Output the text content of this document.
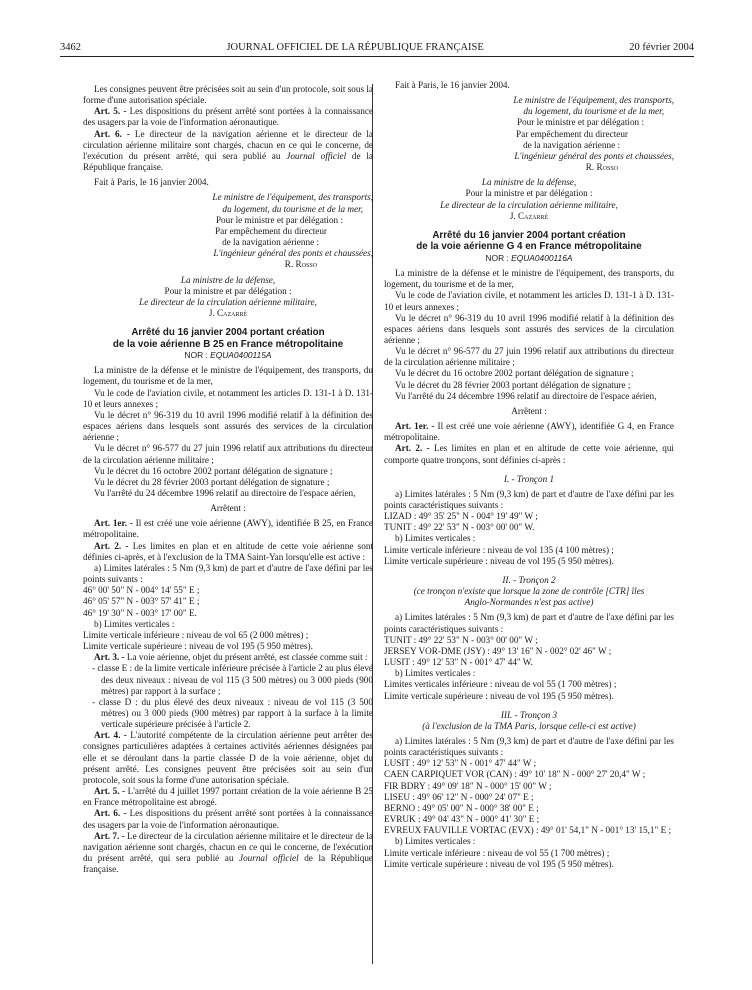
3462	JOURNAL OFFICIEL DE LA RÉPUBLIQUE FRANÇAISE	20 février 2004

Les consignes peuvent être précisées soit au sein d'un protocole, soit sous la forme d'une autorisation spéciale.

Art. 5. - Les dispositions du présent arrêté sont portées à la connaissance des usagers par la voie de l'information aéronautique.

Art. 6. - Le directeur de la navigation aérienne et le directeur de la circulation aérienne militaire sont chargés, chacun en ce qui le concerne, de l'exécution du présent arrêté, qui sera publié au Journal officiel de la République française.

Fait à Paris, le 16 janvier 2004.

Le ministre de l'équipement, des transports,

du logement, du tourisme et de la mer,

Pour le ministre et par délégation :

Par empêchement du directeur

de la navigation aérienne :

L'ingénieur général des ponts et chaussées,

R. Rosso

La ministre de la défense,

Pour la ministre et par délégation :

Le directeur de la circulation aérienne militaire,

J. Cazarré

Arrêté du 16 janvier 2004 portant création

de la voie aérienne B 25 en France métropolitaine

NOR : EQUA0400115A

La ministre de la défense et le ministre de l'équipement, des transports, du logement, du tourisme et de la mer,

Vu le code de l'aviation civile, et notamment les articles D. 131-1 à D. 131-10 et leurs annexes ;

Vu le décret n° 96-319 du 10 avril 1996 modifié relatif à la définition des espaces aériens dans lesquels sont assurés des services de la circulation aérienne ;

Vu le décret n° 96-577 du 27 juin 1996 relatif aux attributions du directeur de la circulation aérienne militaire ;

Vu le décret du 16 octobre 2002 portant délégation de signature ;

Vu le décret du 28 février 2003 portant délégation de signature ;

Vu l'arrêté du 24 décembre 1996 relatif au directoire de l'espace aérien,

Arrêtent :

Art. 1er. - Il est créé une voie aérienne (AWY), identifiée B 25, en France métropolitaine.

Art. 2. - Les limites en plan et en altitude de cette voie aérienne sont définies ci-après, et à l'exclusion de la TMA Saint-Yan lorsqu'elle est active :

a) Limites latérales : 5 Nm (9,3 km) de part et d'autre de l'axe défini par les points suivants :

46° 00' 50" N - 004° 14' 55" E ;

46° 05' 57" N - 003° 57' 41" E ;

46° 19' 30" N - 003° 17' 00" E.

b) Limites verticales :

Limite verticale inférieure : niveau de vol 65 (2 000 mètres) ;

Limite verticale supérieure : niveau de vol 195 (5 950 mètres).

Art. 3. - La voie aérienne, objet du présent arrêté, est classée comme suit :

- classe E : de la limite verticale inférieure précisée à l'article 2 au plus élevé des deux niveaux : niveau de vol 115 (3 500 mètres) ou 3 000 pieds (900 mètres) par rapport à la surface ;

- classe D : du plus élevé des deux niveaux : niveau de vol 115 (3 500 mètres) ou 3 000 pieds (900 mètres) par rapport à la surface à la limite verticale supérieure précisée à l'article 2.

Art. 4. - L'autorité compétente de la circulation aérienne peut arrêter des consignes particulières adaptées à certaines activités aériennes désignées par elle et se déroulant dans la partie classée D de la voie aérienne, objet du présent arrêté. Les consignes peuvent être précisées soit au sein d'un protocole, soit sous la forme d'une autorisation spéciale.

Art. 5. - L'arrêté du 4 juillet 1997 portant création de la voie aérienne B 25 en France métropolitaine est abrogé.

Art. 6. - Les dispositions du présent arrêté sont portées à la connaissance des usagers par la voie de l'information aéronautique.

Art. 7. - Le directeur de la circulation aérienne militaire et le directeur de la navigation aérienne sont chargés, chacun en ce qui le concerne, de l'exécution du présent arrêté, qui sera publié au Journal officiel de la République française.

Fait à Paris, le 16 janvier 2004.

Le ministre de l'équipement, des transports,

du logement, du tourisme et de la mer,

Pour le ministre et par délégation :

Par empêchement du directeur

de la navigation aérienne :

L'ingénieur général des ponts et chaussées,

R. Rosso

La ministre de la défense,

Pour la ministre et par délégation :

Le directeur de la circulation aérienne militaire,

J. Cazarré

Arrêté du 16 janvier 2004 portant création

de la voie aérienne G 4 en France métropolitaine

NOR : EQUA0400116A

La ministre de la défense et le ministre de l'équipement, des transports, du logement, du tourisme et de la mer,

Vu le code de l'aviation civile, et notamment les articles D. 131-1 à D. 131-10 et leurs annexes ;

Vu le décret n° 96-319 du 10 avril 1996 modifié relatif à la définition des espaces aériens dans lesquels sont assurés des services de la circulation aérienne ;

Vu le décret n° 96-577 du 27 juin 1996 relatif aux attributions du directeur de la circulation aérienne militaire ;

Vu le décret du 16 octobre 2002 portant délégation de signature ;

Vu le décret du 28 février 2003 portant délégation de signature ;

Vu l'arrêté du 24 décembre 1996 relatif au directoire de l'espace aérien,

Arrêtent :

Art. 1er. - Il est créé une voie aérienne (AWY), identifiée G 4, en France métropolitaine.

Art. 2. - Les limites en plan et en altitude de cette voie aérienne, qui comporte quatre tronçons, sont définies ci-après :

I. - Tronçon 1

a) Limites latérales : 5 Nm (9,3 km) de part et d'autre de l'axe défini par les points caractéristiques suivants :

LIZAD : 49° 35' 25" N - 004° 19' 49" W ;

TUNIT : 49° 22' 53" N - 003° 00' 00" W.

b) Limites verticales :

Limite verticale inférieure : niveau de vol 135 (4 100 mètres) ;

Limite verticale supérieure : niveau de vol 195 (5 950 mètres).

II. - Tronçon 2

(ce tronçon n'existe que lorsque la zone de contrôle [CTR] îles Anglo-Normandes n'est pas active)

a) Limites latérales : 5 Nm (9,3 km) de part et d'autre de l'axe défini par les points caractéristiques suivants :

TUNIT : 49° 22' 53" N - 003° 00' 00" W ;

JERSEY VOR-DME (JSY) : 49° 13' 16" N - 002° 02' 46" W ;

LUSIT : 49° 12' 53" N - 001° 47' 44" W.

b) Limites verticales :

Limites verticales inférieure : niveau de vol 55 (1 700 mètres) ;

Limite verticale supérieure : niveau de vol 195 (5 950 mètres).

III. - Tronçon 3

(à l'exclusion de la TMA Paris, lorsque celle-ci est active)

a) Limites latérales : 5 Nm (9,3 km) de part et d'autre de l'axe défini par les points caractéristiques suivants :

LUSIT : 49° 12' 53" N - 001° 47' 44" W ;

CAEN CARPIQUET VOR (CAN) : 49° 10' 18" N - 000° 27' 20,4" W ;

FIR BDRY : 49° 09' 18" N - 000° 15' 00" W ;

LISEU : 49° 06' 12" N - 000° 24' 07" E ;

BERNO : 49° 05' 00" N - 000° 38' 00" E ;

EVRUK : 49° 04' 43" N - 000° 41' 30" E ;

EVREUX FAUVILLE VORTAC (EVX) : 49° 01' 54,1" N - 001° 13' 15,1" E ;

b) Limites verticales :

Limite verticale inférieure : niveau de vol 55 (1 700 mètres) ;

Limite verticale supérieure : niveau de vol 195 (5 950 mètres).
